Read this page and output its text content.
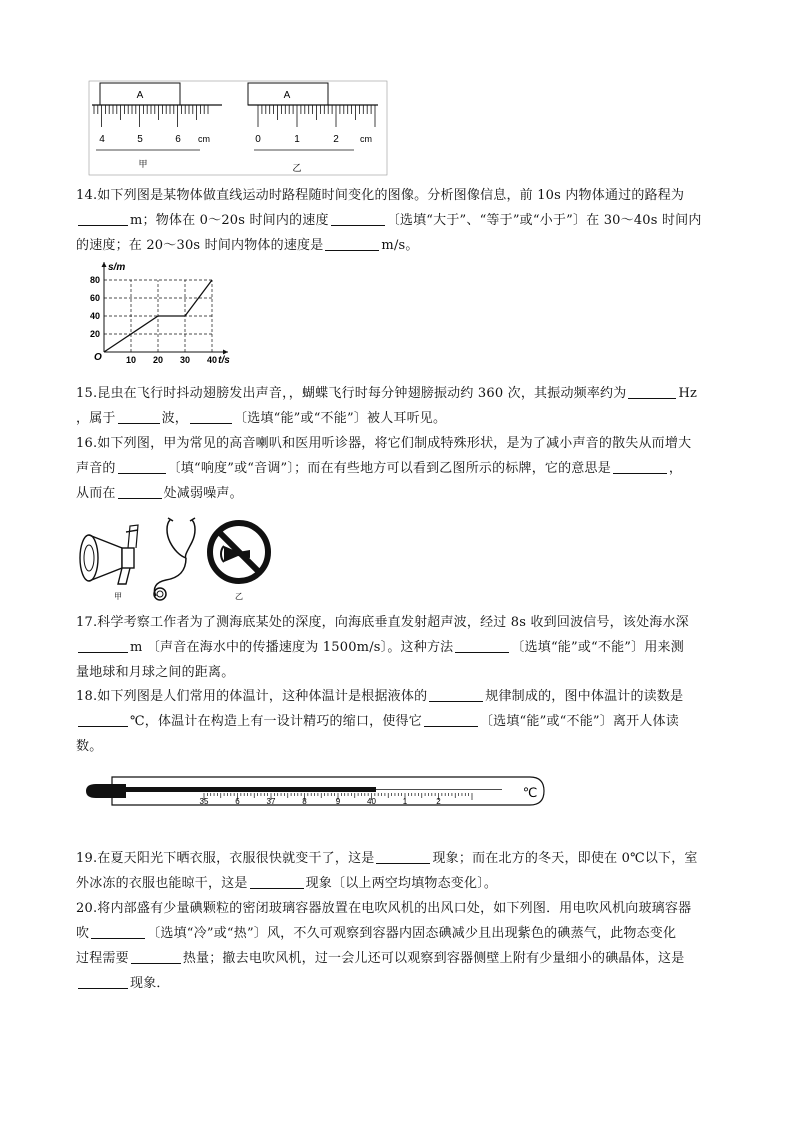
A
4	5	6 cm
甲
A
0	1	2 cm
乙

14.如下列图是某物体做直线运动时路程随时间变化的图像。分析图像信息，前 10s 内物体通过的路程为

m；物体在 0～20s 时间内的速度	〔选填“大于”、“等于”或“小于”〕在 30～40s 时间内

的速度；在 20～30s 时间内物体的速度是	m/s。

10 20 30 40
20
40
60
80
t/s
s/m
O

15.昆虫在飞行时抖动翅膀发出声音，，蝴蝶飞行时每分钟翅膀振动约 360 次，其振动频率约为	Hz

，属于	波，	〔选填“能”或“不能”〕被人耳听见。

16.如下列图，甲为常见的高音喇叭和医用听诊器，将它们制成特殊形状，是为了减小声音的散失从而增大

声音的	〔填“响度”或“音调”〕；而在有些地方可以看到乙图所示的标牌，它的意思是	，

从而在	处减弱噪声。

甲	乙

17.科学考察工作者为了测海底某处的深度，向海底垂直发射超声波，经过 8s 收到回波信号，该处海水深

m 〔声音在海水中的传播速度为 1500m/s〕。这种方法	〔选填“能”或“不能”〕用来测

量地球和月球之间的距离。

18.如下列图是人们常用的体温计，这种体温计是根据液体的	规律制成的，图中体温计的读数是

℃，体温计在构造上有一设计精巧的缩口，使得它	〔选填“能”或“不能”〕离开人体读

数。

35	6	37	8	9	40	1	2
℃

19.在夏天阳光下晒衣服，衣服很快就变干了，这是	现象；而在北方的冬天，即使在 0℃以下，室

外冰冻的衣服也能晾干，这是	现象〔以上两空均填物态变化〕。

20.将内部盛有少量碘颗粒的密闭玻璃容器放置在电吹风机的出风口处，如下列图．用电吹风机向玻璃容器

吹	〔选填“冷”或“热”〕风，不久可观察到容器内固态碘减少且出现紫色的碘蒸气，此物态变化

过程需要	热量；撤去电吹风机，过一会儿还可以观察到容器侧壁上附有少量细小的碘晶体，这是

现象．
